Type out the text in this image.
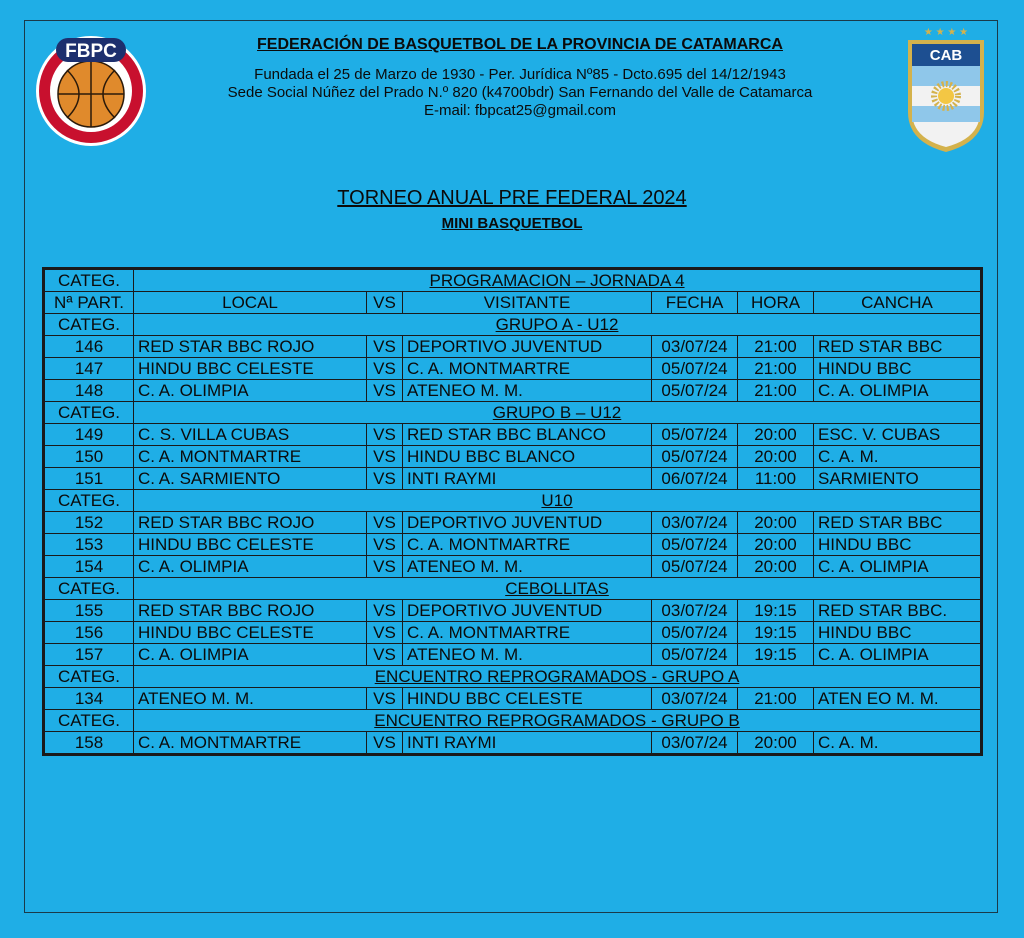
FBPC
★ ★ ★ ★
CAB
FEDERACIÓN DE BASQUETBOL DE LA PROVINCIA DE CATAMARCA
Fundada el 25 de Marzo de 1930 - Per. Jurídica Nº85 - Dcto.695 del 14/12/1943
Sede Social Núñez del Prado N.º 820 (k4700bdr) San Fernando del Valle de Catamarca
E-mail: fbpcat25@gmail.com
TORNEO ANUAL PRE FEDERAL 2024
MINI BASQUETBOL
CATEG.	PROGRAMACION – JORNADA 4					
Nª PART.	LOCAL	VS	VISITANTE	FECHA	HORA	CANCHA
CATEG.	GRUPO A - U12					
146	RED STAR BBC ROJO	VS	DEPORTIVO JUVENTUD	03/07/24	21:00	RED STAR BBC
147	HINDU BBC CELESTE	VS	C. A. MONTMARTRE	05/07/24	21:00	HINDU BBC
148	C. A. OLIMPIA	VS	ATENEO M. M.	05/07/24	21:00	C. A. OLIMPIA
CATEG.	GRUPO B – U12					
149	C. S. VILLA CUBAS	VS	RED STAR BBC BLANCO	05/07/24	20:00	ESC. V. CUBAS
150	C. A. MONTMARTRE	VS	HINDU BBC BLANCO	05/07/24	20:00	C. A. M.
151	C. A. SARMIENTO	VS	INTI RAYMI	06/07/24	11:00	SARMIENTO
CATEG.	U10					
152	RED STAR BBC ROJO	VS	DEPORTIVO JUVENTUD	03/07/24	20:00	RED STAR BBC
153	HINDU BBC CELESTE	VS	C. A. MONTMARTRE	05/07/24	20:00	HINDU BBC
154	C. A. OLIMPIA	VS	ATENEO M. M.	05/07/24	20:00	C. A. OLIMPIA
CATEG.	CEBOLLITAS					
155	RED STAR BBC ROJO	VS	DEPORTIVO JUVENTUD	03/07/24	19:15	RED STAR BBC.
156	HINDU BBC CELESTE	VS	C. A. MONTMARTRE	05/07/24	19:15	HINDU BBC
157	C. A. OLIMPIA	VS	ATENEO M. M.	05/07/24	19:15	C. A. OLIMPIA
CATEG.	ENCUENTRO REPROGRAMADOS - GRUPO A					
134	ATENEO M. M.	VS	HINDU BBC CELESTE	03/07/24	21:00	ATEN EO M. M.
CATEG.	ENCUENTRO REPROGRAMADOS - GRUPO B					
158	C. A. MONTMARTRE	VS	INTI RAYMI	03/07/24	20:00	C. A. M.
